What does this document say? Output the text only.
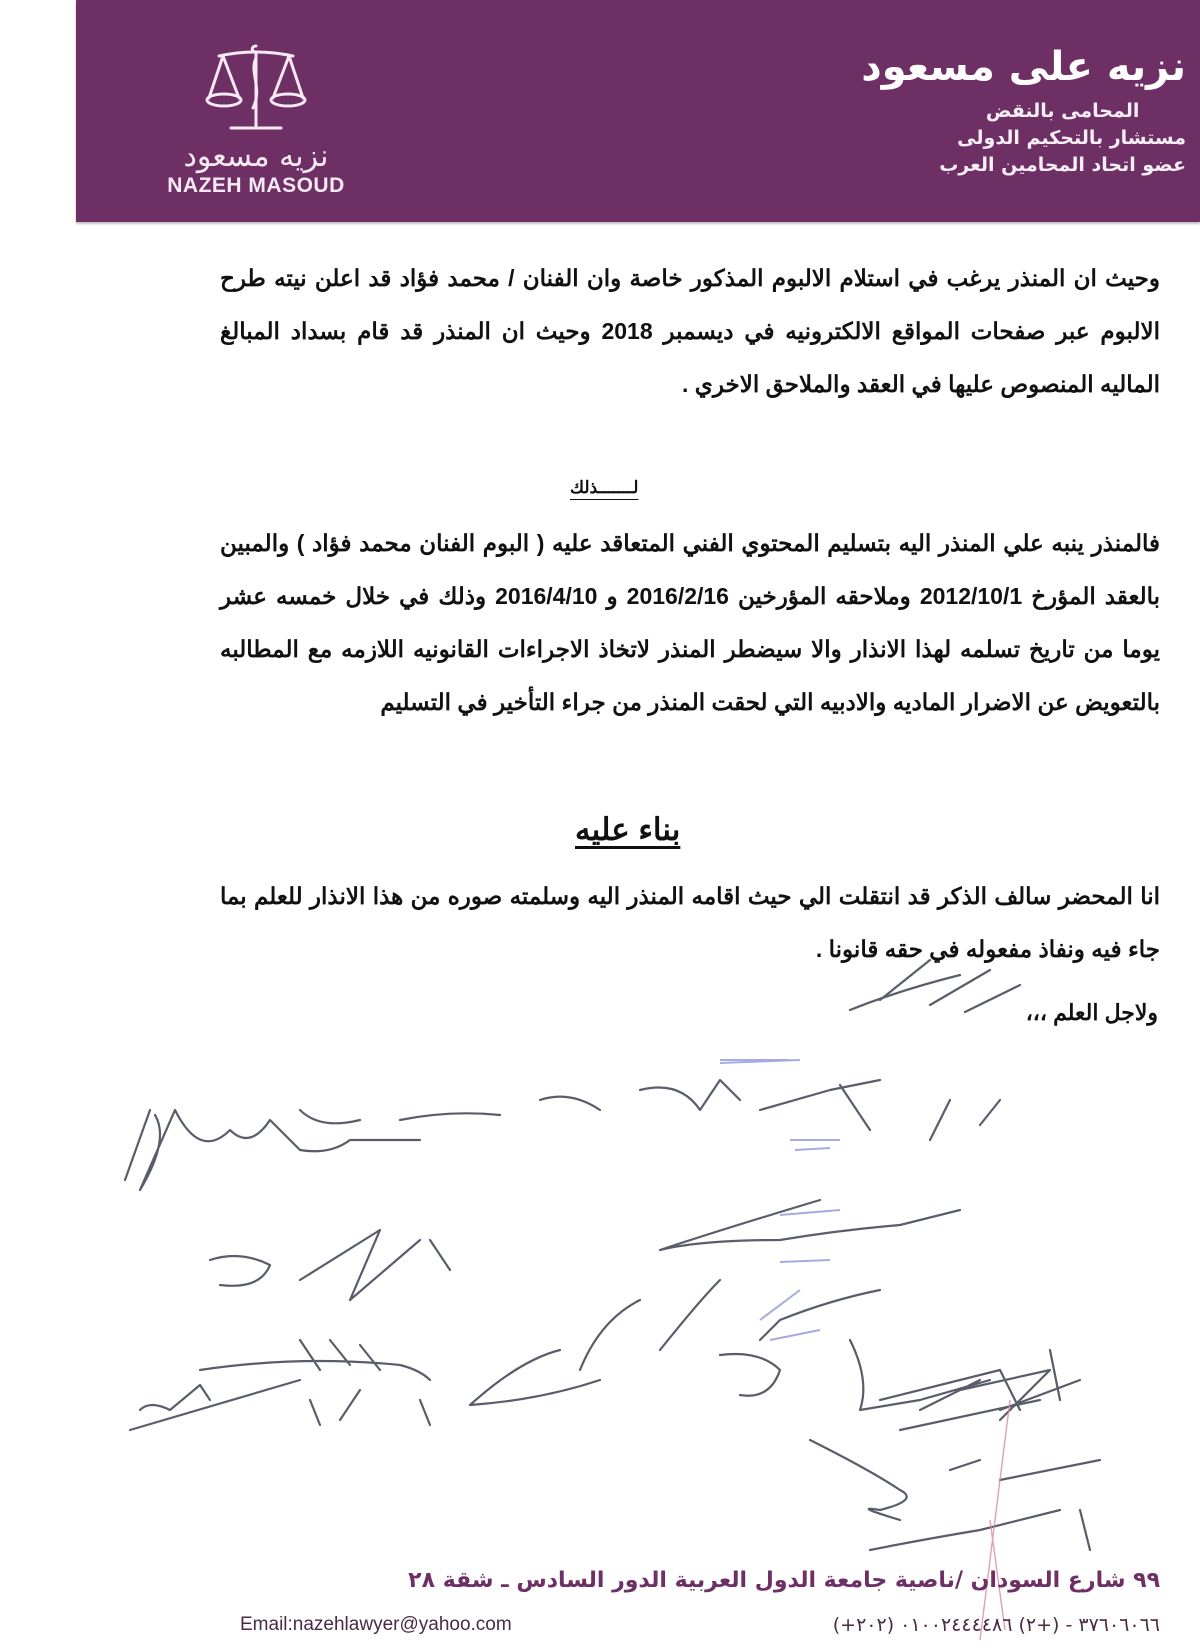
نزيه مسعود
NAZEH MASOUD
نزيه على مسعود
المحامى بالنقض
مستشار بالتحكيم الدولى
عضو اتحاد المحامين العرب
وحيث ان المنذر يرغب في استلام الالبوم المذكور خاصة وان الفنان / محمد فؤاد قد اعلن نيته طرح الالبوم عبر صفحات المواقع الالكترونيه في ديسمبر 2018 وحيث ان المنذر قد قام بسداد المبالغ الماليه المنصوص عليها في العقد والملاحق الاخري .
لـــــــذلك
فالمنذر ينبه علي المنذر اليه بتسليم المحتوي الفني المتعاقد عليه ( البوم الفنان محمد فؤاد ) والمبين بالعقد المؤرخ 2012/10/1 وملاحقه المؤرخين 2016/2/16 و 2016/4/10 وذلك في خلال خمسه عشر يوما من تاريخ تسلمه لهذا الانذار والا سيضطر المنذر لاتخاذ الاجراءات القانونيه اللازمه مع المطالبه بالتعويض عن الاضرار الماديه والادبيه التي لحقت المنذر من جراء التأخير في التسليم
بناء عليه
انا المحضر سالف الذكر قد انتقلت الي حيث اقامه المنذر اليه وسلمته صوره من هذا الانذار للعلم بما جاء فيه ونفاذ مفعوله في حقه قانونا .
ولاجل العلم ،،،
٩٩ شارع السودان /ناصية جامعة الدول العربية الدور السادس ـ شقة ٢٨
Email:nazehlawyer@yahoo.com	(+٢٠٢) ٣٧٦٠٦٠٦٦ - (+٢) ٠١٠٠٢٤٤٤٤٨٦
